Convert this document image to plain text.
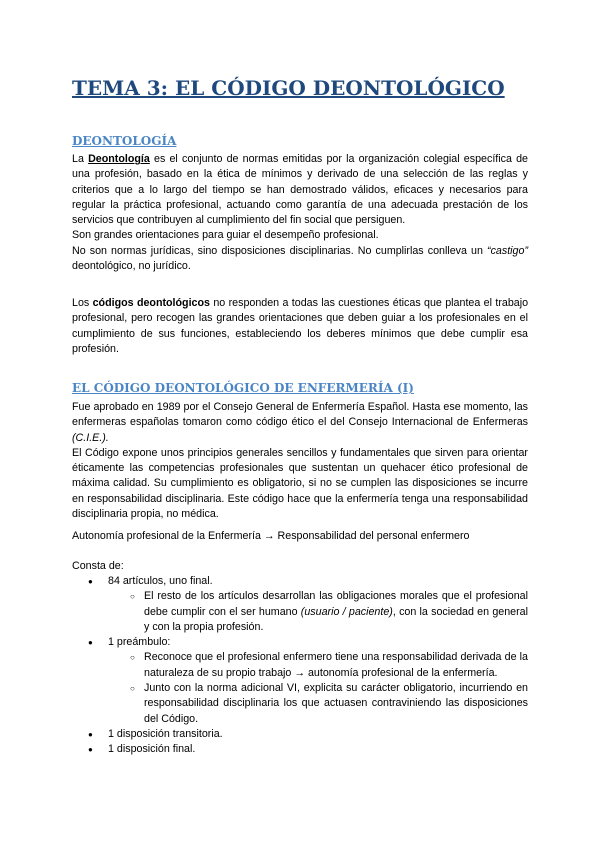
TEMA 3: EL CÓDIGO DEONTOLÓGICO
DEONTOLOGÍA

La Deontología es el conjunto de normas emitidas por la organización colegial específica de una profesión, basado en la ética de mínimos y derivado de una selección de las reglas y criterios que a lo largo del tiempo se han demostrado válidos, eficaces y necesarios para regular la práctica profesional, actuando como garantía de una adecuada prestación de los servicios que contribuyen al cumplimiento del fin social que persiguen.

Son grandes orientaciones para guiar el desempeño profesional.

No son normas jurídicas, sino disposiciones disciplinarias. No cumplirlas conlleva un “castigo” deontológico, no jurídico.

Los códigos deontológicos no responden a todas las cuestiones éticas que plantea el trabajo profesional, pero recogen las grandes orientaciones que deben guiar a los profesionales en el cumplimiento de sus funciones, estableciendo los deberes mínimos que debe cumplir esa profesión.

EL CÓDIGO DEONTOLÓGICO DE ENFERMERÍA (I)

Fue aprobado en 1989 por el Consejo General de Enfermería Español. Hasta ese momento, las enfermeras españolas tomaron como código ético el del Consejo Internacional de Enfermeras (C.I.E.).

El Código expone unos principios generales sencillos y fundamentales que sirven para orientar éticamente las competencias profesionales que sustentan un quehacer ético profesional de máxima calidad. Su cumplimiento es obligatorio, si no se cumplen las disposiciones se incurre en responsabilidad disciplinaria. Este código hace que la enfermería tenga una responsabilidad disciplinaria propia, no médica.

Autonomía profesional de la Enfermería → Responsabilidad del personal enfermero
Consta de:
● 84 artículos, uno final.
○ El resto de los artículos desarrollan las obligaciones morales que el profesional debe cumplir con el ser humano (usuario / paciente), con la sociedad en general y con la propia profesión.
● 1 preámbulo:
○ Reconoce que el profesional enfermero tiene una responsabilidad derivada de la naturaleza de su propio trabajo → autonomía profesional de la enfermería.
○ Junto con la norma adicional VI, explicita su carácter obligatorio, incurriendo en responsabilidad disciplinaria los que actuasen contraviniendo las disposiciones del Código.
● 1 disposición transitoria.
● 1 disposición final.
